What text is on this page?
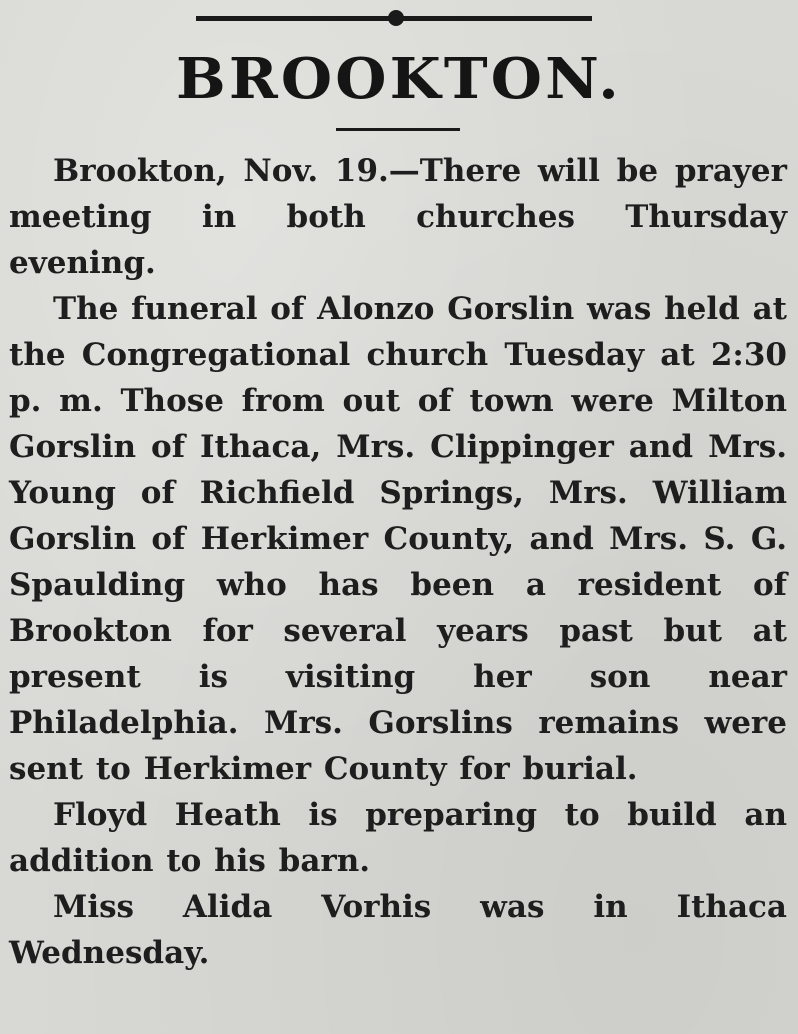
BROOKTON.

Brookton, Nov. 19.—There will be prayer meeting in both churches Thursday evening.

The funeral of Alonzo Gorslin was held at the Congregational church Tuesday at 2:30 p. m. Those from out of town were Milton Gorslin of Ithaca, Mrs. Clippinger and Mrs. Young of Richfield Springs, Mrs. William Gorslin of Herkimer County, and Mrs. S. G. Spaulding who has been a resident of Brookton for several years past but at present is visiting her son near Philadelphia. Mrs. Gorslins remains were sent to Herkimer County for burial.

Floyd Heath is preparing to build an addition to his barn.

Miss Alida Vorhis was in Ithaca Wednesday.
